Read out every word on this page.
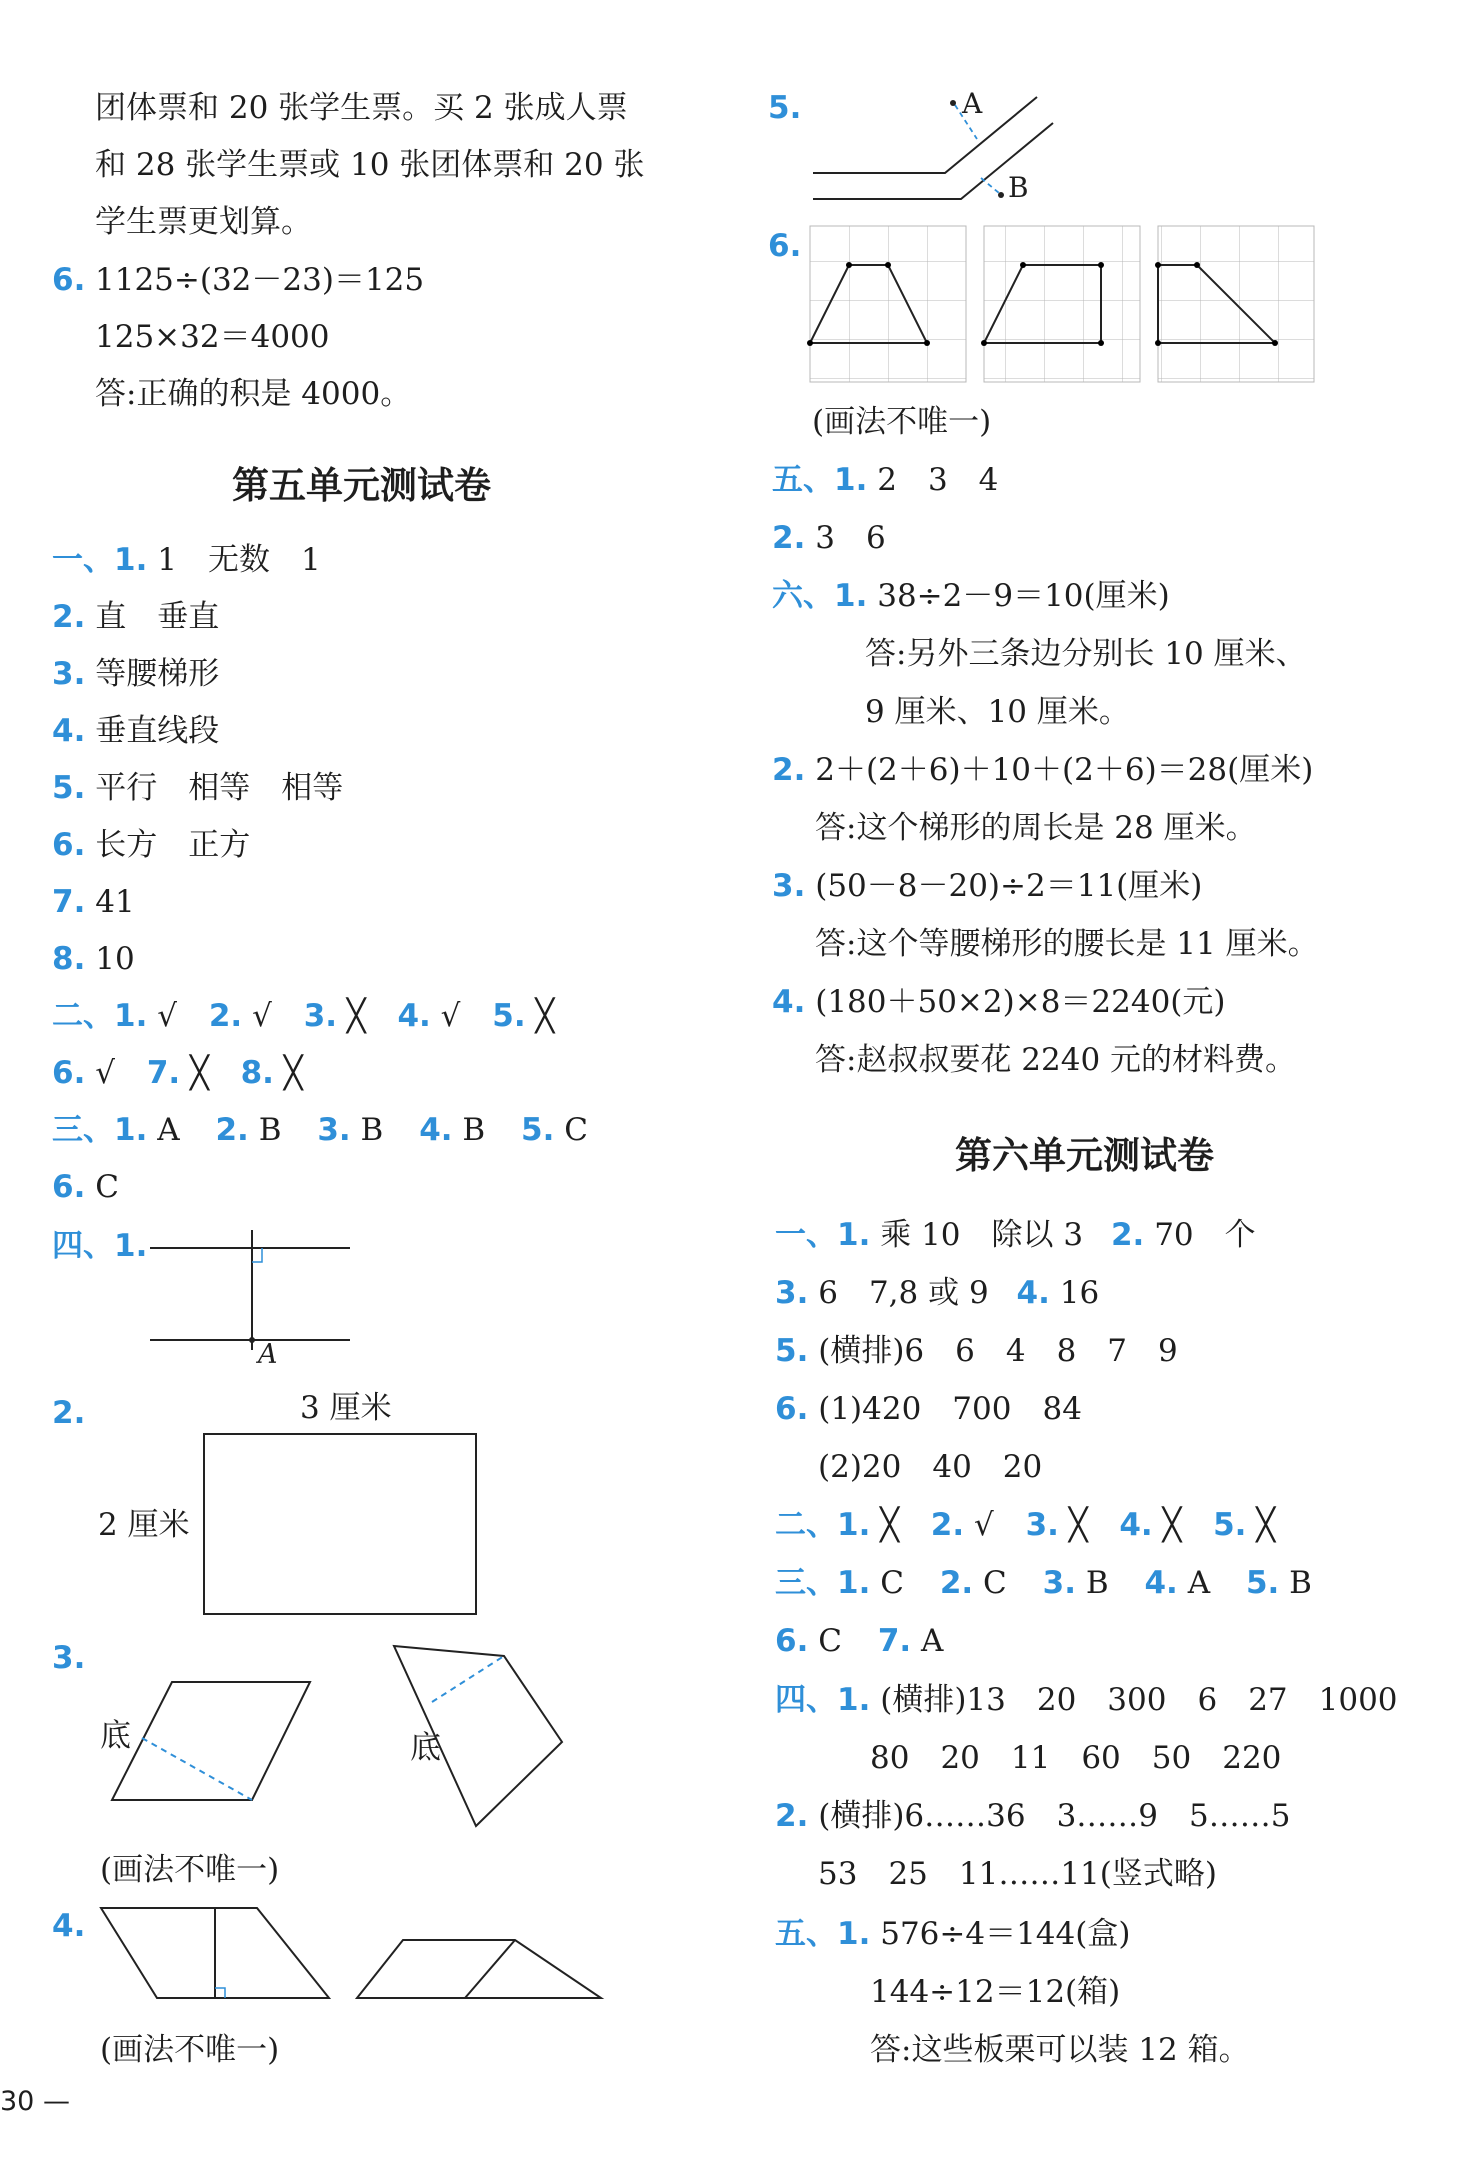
团体票和 20 张学生票。买 2 张成人票
和 28 张学生票或 10 张团体票和 20 张
学生票更划算。
6. 1125÷(32－23)＝125
125×32＝4000
答:正确的积是 4000。
第五单元测试卷
一、1. 1　无数　1
2. 直　垂直
3. 等腰梯形
4. 垂直线段
5. 平行　相等　相等
6. 长方　正方
7. 41
8. 10
二、1. √ 2. √ 3. ╳ 4. √ 5. ╳
6. √ 7. ╳ 8. ╳
三、1. A 2. B 3. B 4. B 5. C
6. C
四、1.
A
2.	3 厘米
2 厘米
3.
底	底
(画法不唯一)
4.
(画法不唯一)
30 —
5.	A
B
6.
(画法不唯一)
五、1. 2　3　4
2. 3　6
六、1. 38÷2－9＝10(厘米)
答:另外三条边分别长 10 厘米、
9 厘米、10 厘米。
2. 2＋(2＋6)＋10＋(2＋6)＝28(厘米)
答:这个梯形的周长是 28 厘米。
3. (50－8－20)÷2＝11(厘米)
答:这个等腰梯形的腰长是 11 厘米。
4. (180＋50×2)×8＝2240(元)
答:赵叔叔要花 2240 元的材料费。
第六单元测试卷
一、1. 乘 10　除以 3 2. 70　个
3. 6　7,8 或 9 4. 16
5. (横排)6　6　4　8　7　9
6. (1)420　700　84
(2)20　40　20
二、1. ╳ 2. √ 3. ╳ 4. ╳ 5. ╳
三、1. C 2. C 3. B 4. A 5. B
6. C 7. A
四、1. (横排)13　20　300　6　27　1000
80　20　11　60　50　220
2. (横排)6……36　3……9　5……5
53　25　11……11(竖式略)
五、1. 576÷4＝144(盒)
144÷12＝12(箱)
答:这些板栗可以装 12 箱。
